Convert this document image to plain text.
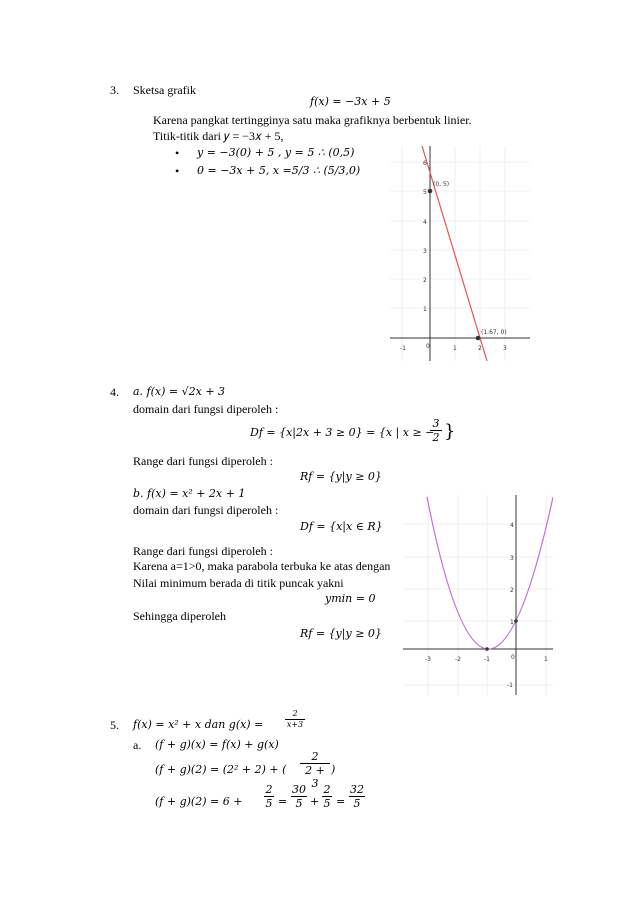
3. Sketsa grafik
𝑓(𝑥) = −3𝑥 + 5
Karena pangkat tertingginya satu maka grafiknya berbentuk linier.
Titik-titik dari 𝑦 = −3𝑥 + 5,
• 𝑦 = −3(0) + 5 , 𝑦 = 5 ∴ (0,5)
• 0 = −3𝑥 + 5, 𝑥 =5/3 ∴ (5/3,0)
-1	0	1	2	3
1
2
3
4
5
6
(0, 5)
(1.67, 0)
4. a. 𝑓(𝑥) = √2𝑥 + 3
domain dari fungsi diperoleh :
𝐷𝑓 = {𝑥|2𝑥 + 3 ≥ 0} = {𝑥 | 𝑥 ≥ −
$\frac{3}{2}$ }
Range dari fungsi diperoleh :
𝑅𝑓 = {𝑦|𝑦 ≥ 0}
b. 𝑓(𝑥) = 𝑥² + 2𝑥 + 1
domain dari fungsi diperoleh :
𝐷𝑓 = {𝑥|𝑥 ∈ 𝑅}
Range dari fungsi diperoleh :
Karena a=1>0, maka parabola terbuka ke atas dengan
Nilai minimum berada di titik puncak yakni
𝑦𝑚𝑖𝑛 = 0
Sehingga diperoleh
𝑅𝑓 = {𝑦|𝑦 ≥ 0}
-3	-2	-1	0	1
-1
1
2
3
4
5. 𝑓(𝑥) = 𝑥² + 𝑥 dan 𝑔(𝑥) =
2
𝑥+3
a. (𝑓 + 𝑔)(𝑥) = 𝑓(𝑥) + 𝑔(𝑥)
(𝑓 + 𝑔)(2) = (2² + 2) + ( $\frac{2}{2 + 3}$ )
(𝑓 + 𝑔)(2) = $6 + \frac{2}{5} = \frac{30}{5} + \frac{2}{5} = \frac{32}{5}$
